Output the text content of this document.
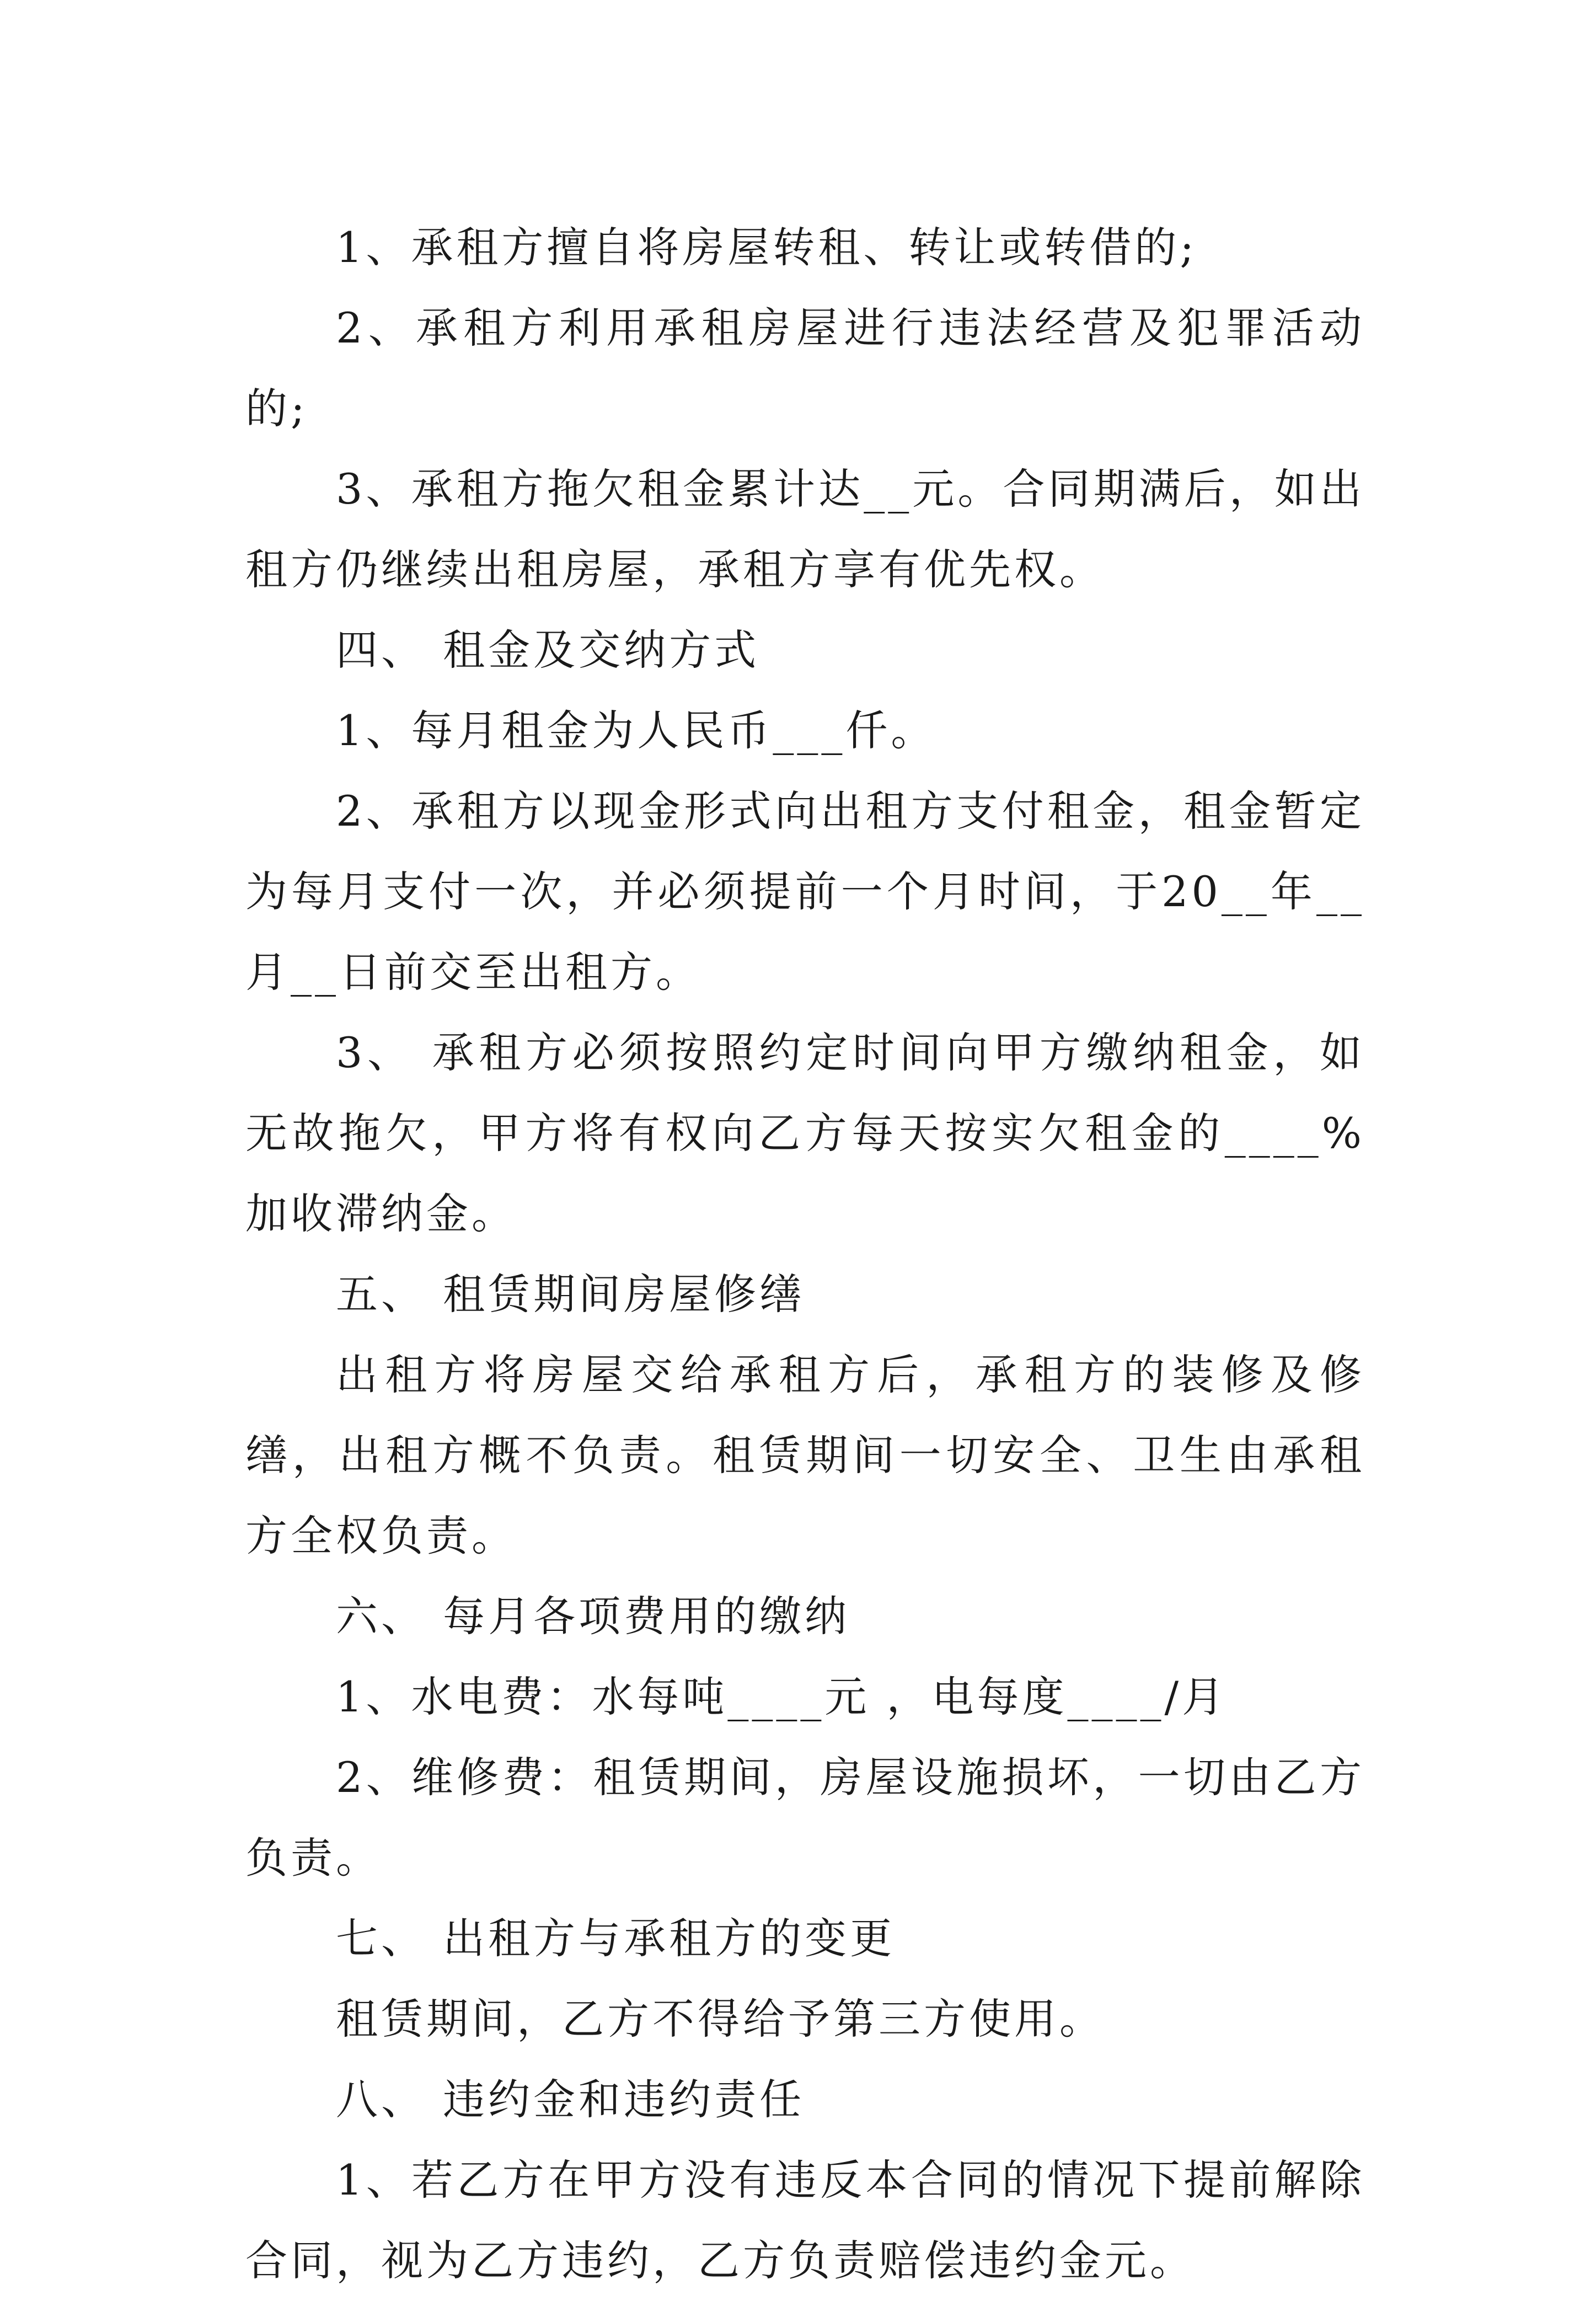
1、承租方擅自将房屋转租、转让或转借的;

2、承租方利用承租房屋进行违法经营及犯罪活动的;

3、承租方拖欠租金累计达__元。合同期满后，如出租方仍继续出租房屋，承租方享有优先权。

四、 租金及交纳方式

1、每月租金为人民币___仟。

2、承租方以现金形式向出租方支付租金，租金暂定为每月支付一次，并必须提前一个月时间，于20__年__月__日前交至出租方。

3、 承租方必须按照约定时间向甲方缴纳租金，如无故拖欠，甲方将有权向乙方每天按实欠租金的____%加收滞纳金。

五、 租赁期间房屋修缮

出租方将房屋交给承租方后，承租方的装修及修缮，出租方概不负责。租赁期间一切安全、卫生由承租方全权负责。

六、 每月各项费用的缴纳

1、水电费：水每吨____元 ，电每度____/月

2、维修费：租赁期间，房屋设施损坏，一切由乙方负责。

七、 出租方与承租方的变更

租赁期间，乙方不得给予第三方使用。

八、 违约金和违约责任

1、若乙方在甲方没有违反本合同的情况下提前解除合同，视为乙方违约，乙方负责赔偿违约金元。
